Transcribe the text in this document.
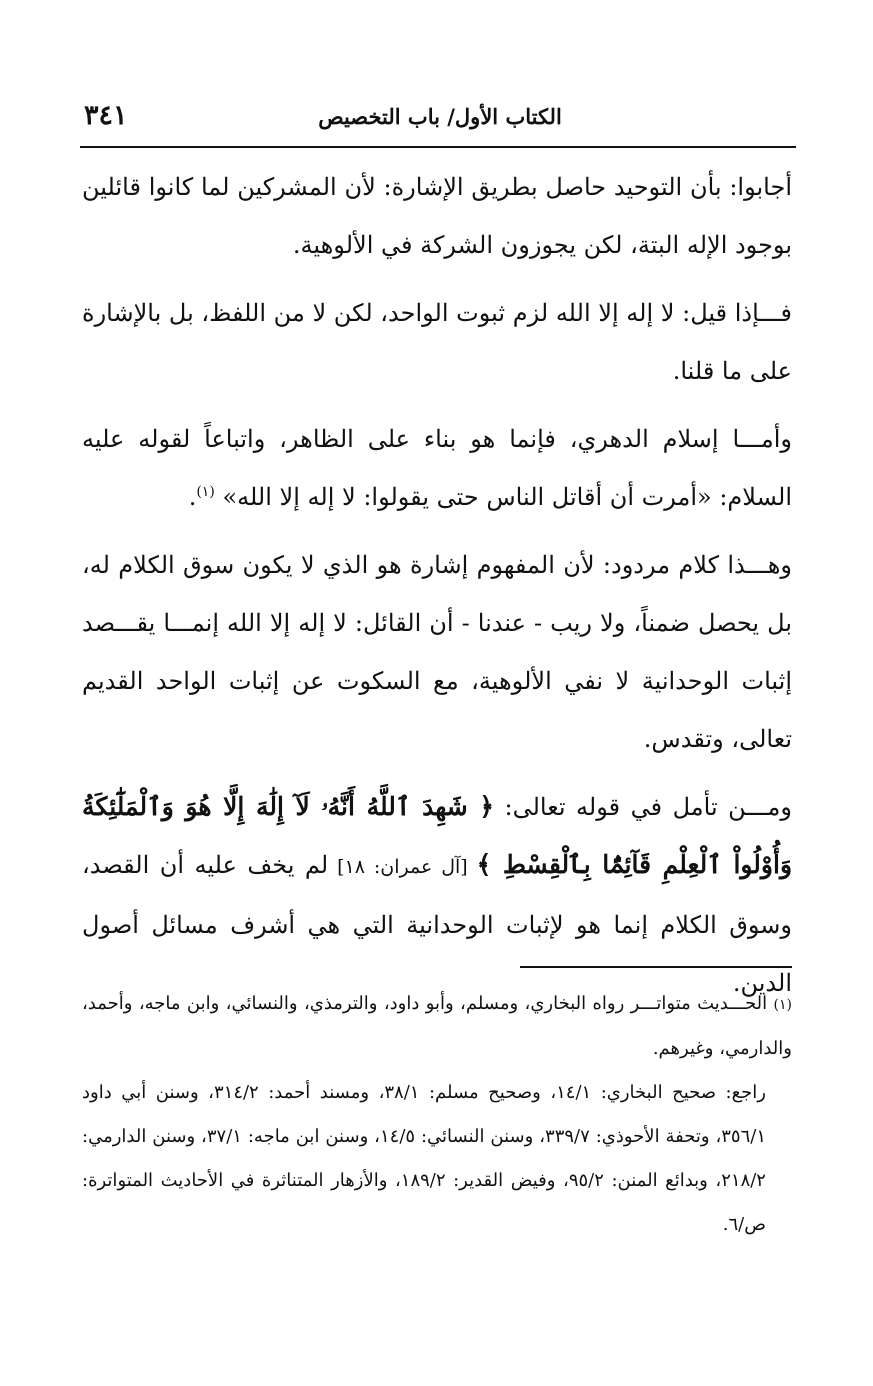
٣٤١	الكتاب الأول/ باب التخصيص

أجابوا: بأن التوحيد حاصل بطريق الإشارة: لأن المشركين لما كانوا قائلين بوجود الإله البتة، لكن يجوزون الشركة في الألوهية.

فـــإذا قيل: لا إله إلا الله لزم ثبوت الواحد، لكن لا من اللفظ، بل بالإشارة على ما قلنا.

وأمـــا إسلام الدهري، فإنما هو بناء على الظاهر، واتباعاً لقوله عليه السلام: «أمرت أن أقاتل الناس حتى يقولوا: لا إله إلا الله» $^{(١)}$.

وهـــذا كلام مردود: لأن المفهوم إشارة هو الذي لا يكون سوق الكلام له، بل يحصل ضمناً، ولا ريب - عندنا - أن القائل: لا إله إلا الله إنمـــا يقـــصد إثبات الوحدانية لا نفي الألوهية، مع السكوت عن إثبات الواحد القديم تعالى، وتقدس.

ومـــن تأمل في قوله تعالى: ﴿ شَهِدَ ٱللَّهُ أَنَّهُۥ لَآ إِلَٰهَ إِلَّا هُوَ وَٱلْمَلَٰٓئِكَةُ وَأُوْلُواْ ٱلْعِلْمِ قَآئِمًۢا بِٱلْقِسْطِ ﴾ [آل عمران: ١٨] لم يخف عليه أن القصد، وسوق الكلام إنما هو لإثبات الوحدانية التي هي أشرف مسائل أصول الدين.

(١) الحـــديث متواتـــر رواه البخاري، ومسلم، وأبو داود، والترمذي، والنسائي، وابن ماجه، وأحمد، والدارمي، وغيرهم.

راجع: صحيح البخاري: ١٤/١، وصحيح مسلم: ٣٨/١، ومسند أحمد: ٣١٤/٢، وسنن أبي داود ٣٥٦/١، وتحفة الأحوذي: ٣٣٩/٧، وسنن النسائي: ١٤/٥، وسنن ابن ماجه: ٣٧/١، وسنن الدارمي: ٢١٨/٢، وبدائع المنن: ٩٥/٢، وفيض القدير: ١٨٩/٢، والأزهار المتناثرة في الأحاديث المتواترة: ص/٦.
